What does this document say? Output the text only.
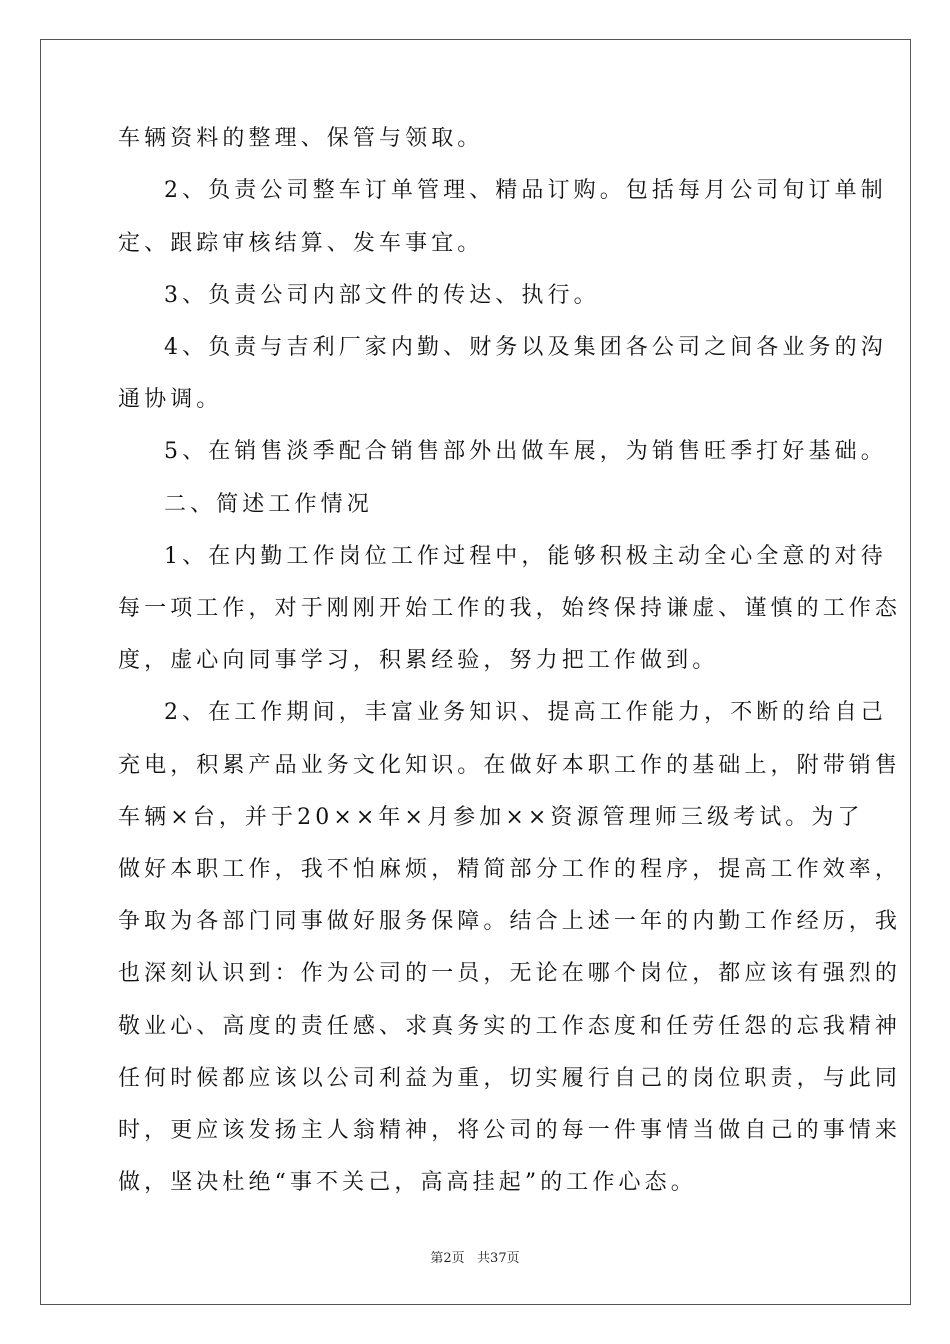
车辆资料的整理、保管与领取。
2、负责公司整车订单管理、精品订购。包括每月公司旬订单制
定、跟踪审核结算、发车事宜。
3、负责公司内部文件的传达、执行。
4、负责与吉利厂家内勤、财务以及集团各公司之间各业务的沟
通协调。
5、在销售淡季配合销售部外出做车展，为销售旺季打好基础。
二、简述工作情况
1、在内勤工作岗位工作过程中，能够积极主动全心全意的对待
每一项工作，对于刚刚开始工作的我，始终保持谦虚、谨慎的工作态
度，虚心向同事学习，积累经验，努力把工作做到。
2、在工作期间，丰富业务知识、提高工作能力，不断的给自己
充电，积累产品业务文化知识。在做好本职工作的基础上，附带销售
车辆×台，并于20××年×月参加××资源管理师三级考试。为了
做好本职工作，我不怕麻烦，精简部分工作的程序，提高工作效率，
争取为各部门同事做好服务保障。结合上述一年的内勤工作经历，我
也深刻认识到：作为公司的一员，无论在哪个岗位，都应该有强烈的
敬业心、高度的责任感、求真务实的工作态度和任劳任怨的忘我精神
任何时候都应该以公司利益为重，切实履行自己的岗位职责，与此同
时，更应该发扬主人翁精神，将公司的每一件事情当做自己的事情来
做，坚决杜绝“事不关己，高高挂起”的工作心态。
第2页   共37页
